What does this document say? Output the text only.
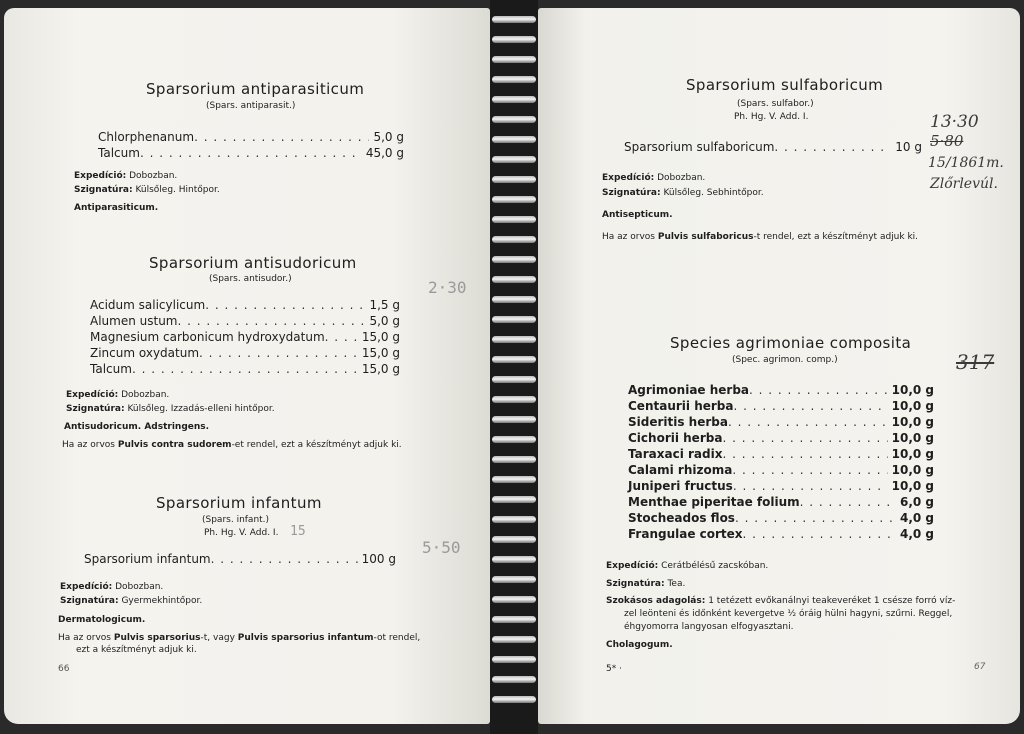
Sparsorium antiparasiticum
(Spars. antiparasit.)
Chlorphenanum . . .	5,0 g
Talcum . . .	45,0 g
Expedíció: Dobozban.
Szignatúra: Külsőleg. Hintőpor.
Antiparasiticum.
Sparsorium antisudoricum
(Spars. antisudor.)
Acidum salicylicum . . .	1,5 g
Alumen ustum . . .	5,0 g
Magnesium carbonicum hydroxydatum . . .	15,0 g
Zincum oxydatum . . .	15,0 g
Talcum . . .	15,0 g
Expedíció: Dobozban.
Szignatúra: Külsőleg. Izzadás-elleni hintőpor.
Antisudoricum. Adstringens.
Ha az orvos Pulvis contra sudorem-et rendel, ezt a készítményt adjuk ki.
Sparsorium infantum
(Spars. infant.)
Ph. Hg. V. Add. I.
Sparsorium infantum . . .	100 g
Expedíció: Dobozban.
Szignatúra: Gyermekhintőpor.
Dermatologicum.
Ha az orvos Pulvis sparsorius-t, vagy Pulvis sparsorius infantum-ot rendel,
ezt a készítményt adjuk ki.
66
2·30
5·50
15
Sparsorium sulfaboricum
(Spars. sulfabor.)
Ph. Hg. V. Add. I.
Sparsorium sulfaboricum . . .	10 g
Expedíció: Dobozban.
Szignatúra: Külsőleg. Sebhintőpor.
Antisepticum.
Ha az orvos Pulvis sulfaboricus-t rendel, ezt a készítményt adjuk ki.
Species agrimoniae composita
(Spec. agrimon. comp.)
Agrimoniae herba . . .	10,0 g
Centaurii herba . . .	10,0 g
Sideritis herba . . .	10,0 g
Cichorii herba . . .	10,0 g
Taraxaci radix . . .	10,0 g
Calami rhizoma . . .	10,0 g
Juniperi fructus . . .	10,0 g
Menthae piperitae folium . . .	6,0 g
Stocheados flos . . .	4,0 g
Frangulae cortex . . .	4,0 g
Expedíció: Cerátbélésű zacskóban.
Szignatúra: Tea.
Szokásos adagolás: 1 tetézett evőkanálnyi teakeveréket 1 csésze forró víz-
zel leönteni és időnként kevergetve ½ óráig hülni hagyni, szűrni. Reggel,
éhgyomorra langyosan elfogyasztani.
Cholagogum.
5* ·	67
13·30
5·80
15/1861m.
Zlőrlevúl.
317
